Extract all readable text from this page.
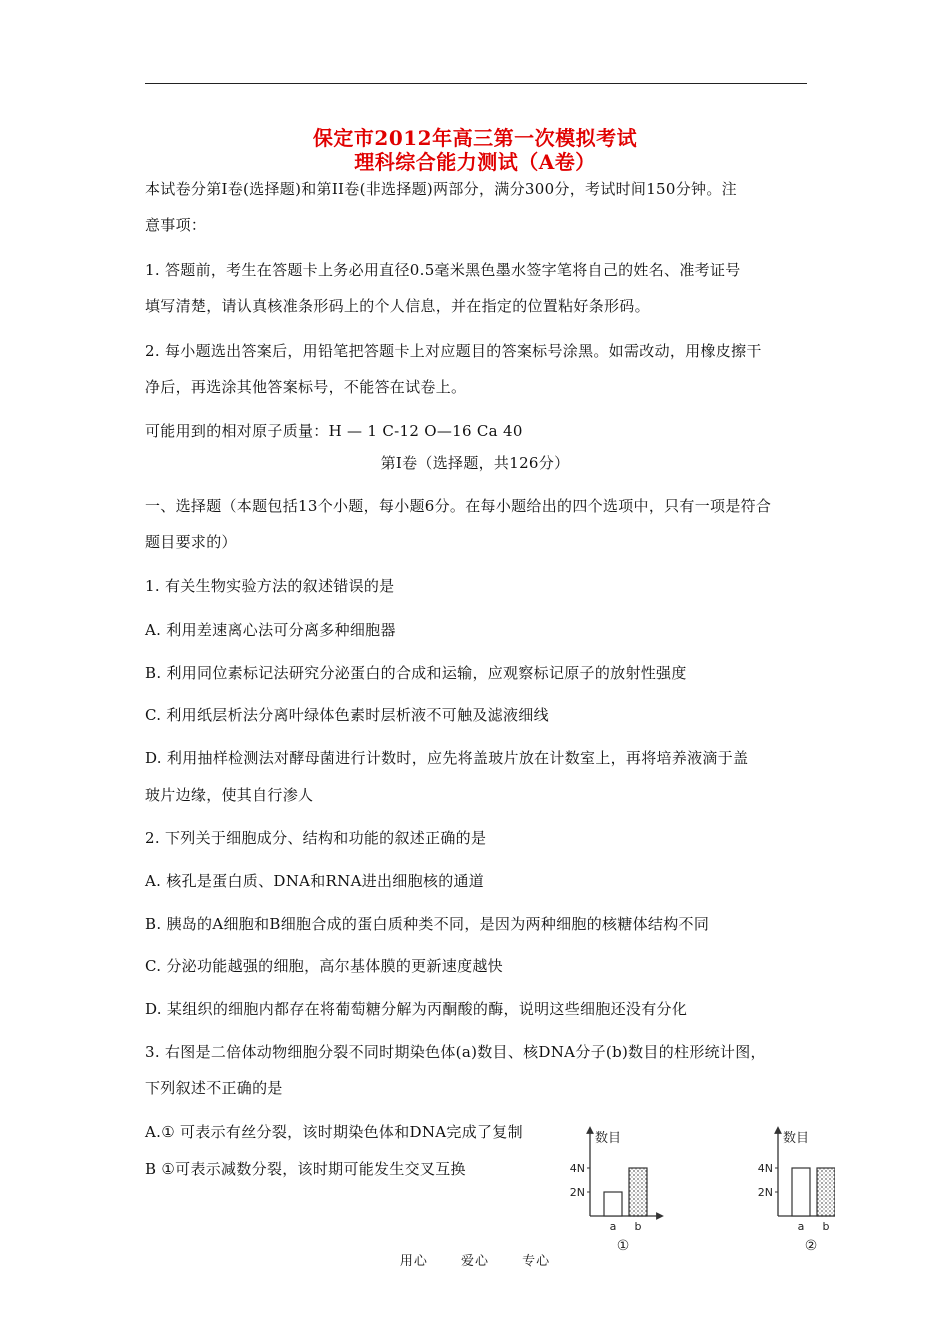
保定市2012年高三第一次模拟考试
理科综合能力测试（A卷）
本试卷分第Ⅰ卷(选择题)和第II卷(非选择题)两部分，满分300分，考试时间150分钟。注
意事项：
1. 答题前，考生在答题卡上务必用直径0.5毫米黑色墨水签字笔将自己的姓名、准考证号
填写清楚，请认真核准条形码上的个人信息，并在指定的位置粘好条形码。
2. 每小题选出答案后，用铅笔把答题卡上对应题目的答案标号涂黑。如需改动，用橡皮擦干
净后，再选涂其他答案标号，不能答在试卷上。
可能用到的相对原子质量：H — 1 C-12 O—16 Ca 40
第Ⅰ卷（选择题，共126分）
一、选择题（本题包括13个小题，每小题6分。在每小题给出的四个选项中，只有一项是符合
题目要求的）
1. 有关生物实验方法的叙述错误的是
A. 利用差速离心法可分离多种细胞器
B. 利用同位素标记法研究分泌蛋白的合成和运输，应观察标记原子的放射性强度
C. 利用纸层析法分离叶绿体色素时层析液不可触及滤液细线
D. 利用抽样检测法对酵母菌进行计数时，应先将盖玻片放在计数室上，再将培养液滴于盖
玻片边缘，使其自行渗人
2. 下列关于细胞成分、结构和功能的叙述正确的是
A. 核孔是蛋白质、DNA和RNA进出细胞核的通道
B. 胰岛的A细胞和B细胞合成的蛋白质种类不同，是因为两种细胞的核糖体结构不同
C. 分泌功能越强的细胞，高尔基体膜的更新速度越快
D. 某组织的细胞内都存在将葡萄糖分解为丙酮酸的酶，说明这些细胞还没有分化
3. 右图是二倍体动物细胞分裂不同时期染色体(a)数目、核DNA分子(b)数目的柱形统计图，
下列叙述不正确的是
A.① 可表示有丝分裂，该时期染色体和DNA完成了复制
B ①可表示减数分裂，该时期可能发生交叉互换
数目
2N
4N
a b
①
数目
2N
4N
a b
②
用心	爱心	专心
